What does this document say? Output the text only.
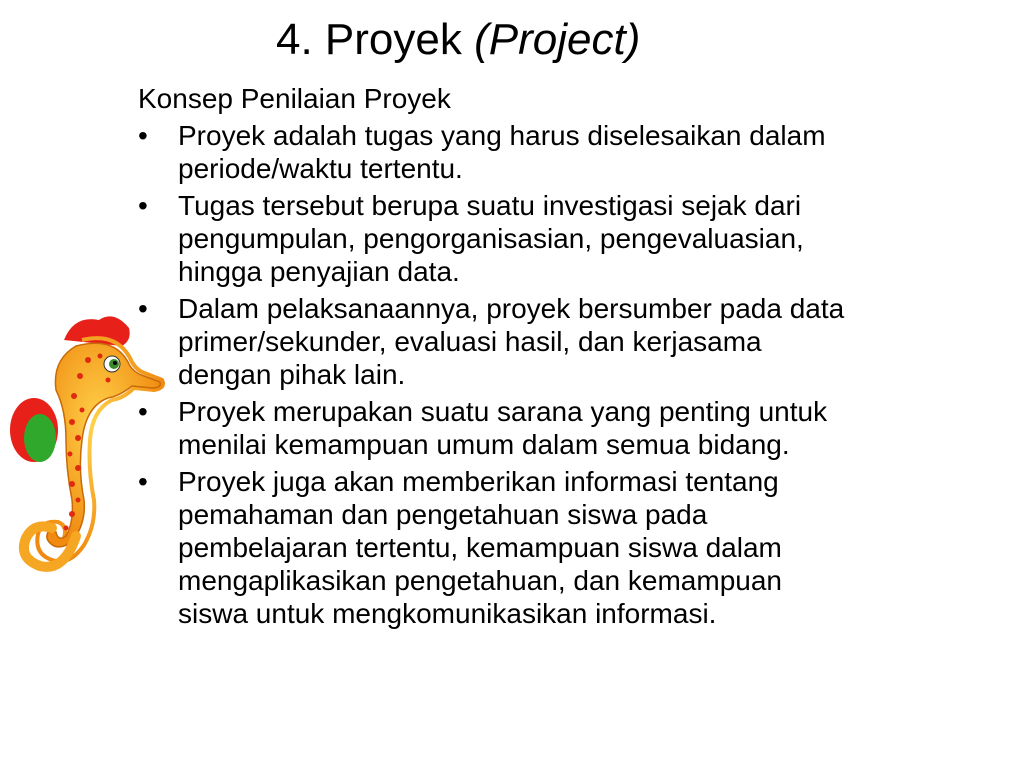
4. Proyek (Project)
Konsep Penilaian Proyek
• Proyek adalah tugas yang harus diselesaikan dalam
periode/waktu tertentu.
• Tugas tersebut berupa suatu investigasi sejak dari
pengumpulan, pengorganisasian, pengevaluasian,
hingga penyajian data.
• Dalam pelaksanaannya, proyek bersumber pada data
primer/sekunder, evaluasi hasil, dan kerjasama
dengan pihak lain.
• Proyek merupakan suatu sarana yang penting untuk
menilai kemampuan umum dalam semua bidang.
• Proyek juga akan memberikan informasi tentang
pemahaman dan pengetahuan siswa pada
pembelajaran tertentu, kemampuan siswa dalam
mengaplikasikan pengetahuan, dan kemampuan
siswa untuk mengkomunikasikan informasi.
